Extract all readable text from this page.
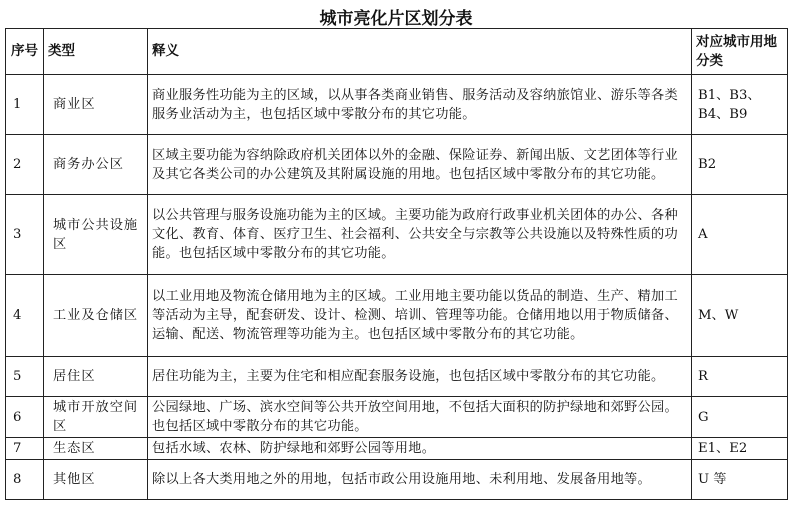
城市亮化片区划分表
序号	类型	释义	对应城市用地分类
1	商业区	商业服务性功能为主的区域，以从事各类商业销售、服务活动及容纳旅馆业、游乐等各类服务业活动为主，也包括区域中零散分布的其它功能。	B1、B3、B4、B9
2	商务办公区	区域主要功能为容纳除政府机关团体以外的金融、保险证券、新闻出版、文艺团体等行业及其它各类公司的办公建筑及其附属设施的用地。也包括区域中零散分布的其它功能。	B2
3	城市公共设施区	以公共管理与服务设施功能为主的区域。主要功能为政府行政事业机关团体的办公、各种文化、教育、体育、医疗卫生、社会福利、公共安全与宗教等公共设施以及特殊性质的功能。也包括区域中零散分布的其它功能。	A
4	工业及仓储区	以工业用地及物流仓储用地为主的区域。工业用地主要功能以货品的制造、生产、精加工等活动为主导，配套研发、设计、检测、培训、管理等功能。仓储用地以用于物质储备、运输、配送、物流管理等功能为主。也包括区域中零散分布的其它功能。	M、W
5	居住区	居住功能为主，主要为住宅和相应配套服务设施，也包括区域中零散分布的其它功能。	R
6	城市开放空间区	公园绿地、广场、滨水空间等公共开放空间用地，不包括大面积的防护绿地和郊野公园。也包括区域中零散分布的其它功能。	G
7	生态区	包括水域、农林、防护绿地和郊野公园等用地。	E1、E2
8	其他区	除以上各大类用地之外的用地，包括市政公用设施用地、未利用地、发展备用地等。	U 等
